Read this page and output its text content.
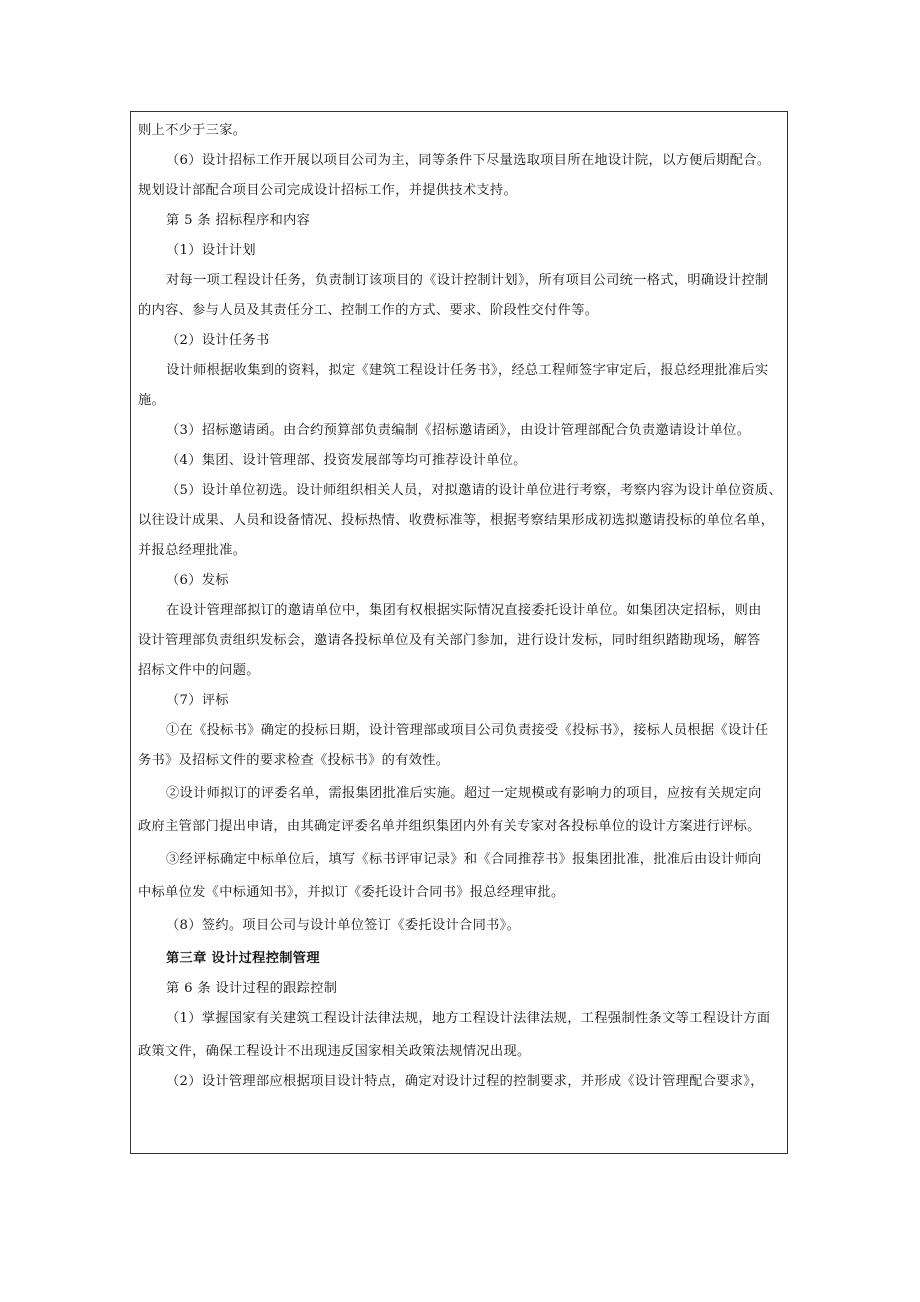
则上不少于三家。
（6）设计招标工作开展以项目公司为主，同等条件下尽量选取项目所在地设计院，以方便后期配合。
规划设计部配合项目公司完成设计招标工作，并提供技术支持。
第 5 条 招标程序和内容
（1）设计计划
对每一项工程设计任务，负责制订该项目的《设计控制计划》，所有项目公司统一格式，明确设计控制
的内容、参与人员及其责任分工、控制工作的方式、要求、阶段性交付件等。
（2）设计任务书
设计师根据收集到的资料，拟定《建筑工程设计任务书》，经总工程师签字审定后，报总经理批准后实
施。
（3）招标邀请函。由合约预算部负责编制《招标邀请函》，由设计管理部配合负责邀请设计单位。
（4）集团、设计管理部、投资发展部等均可推荐设计单位。
（5）设计单位初选。设计师组织相关人员，对拟邀请的设计单位进行考察，考察内容为设计单位资质、
以往设计成果、人员和设备情况、投标热情、收费标准等，根据考察结果形成初选拟邀请投标的单位名单，
并报总经理批准。
（6）发标
在设计管理部拟订的邀请单位中，集团有权根据实际情况直接委托设计单位。如集团决定招标，则由
设计管理部负责组织发标会，邀请各投标单位及有关部门参加，进行设计发标，同时组织踏勘现场，解答
招标文件中的问题。
（7）评标
①在《投标书》确定的投标日期，设计管理部或项目公司负责接受《投标书》，接标人员根据《设计任
务书》及招标文件的要求检查《投标书》的有效性。
②设计师拟订的评委名单，需报集团批准后实施。超过一定规模或有影响力的项目，应按有关规定向
政府主管部门提出申请，由其确定评委名单并组织集团内外有关专家对各投标单位的设计方案进行评标。
③经评标确定中标单位后，填写《标书评审记录》和《合同推荐书》报集团批准，批准后由设计师向
中标单位发《中标通知书》，并拟订《委托设计合同书》报总经理审批。
（8）签约。项目公司与设计单位签订《委托设计合同书》。
第三章 设计过程控制管理
第 6 条 设计过程的跟踪控制
（1）掌握国家有关建筑工程设计法律法规，地方工程设计法律法规，工程强制性条文等工程设计方面
政策文件，确保工程设计不出现违反国家相关政策法规情况出现。
（2）设计管理部应根据项目设计特点，确定对设计过程的控制要求，并形成《设计管理配合要求》，
